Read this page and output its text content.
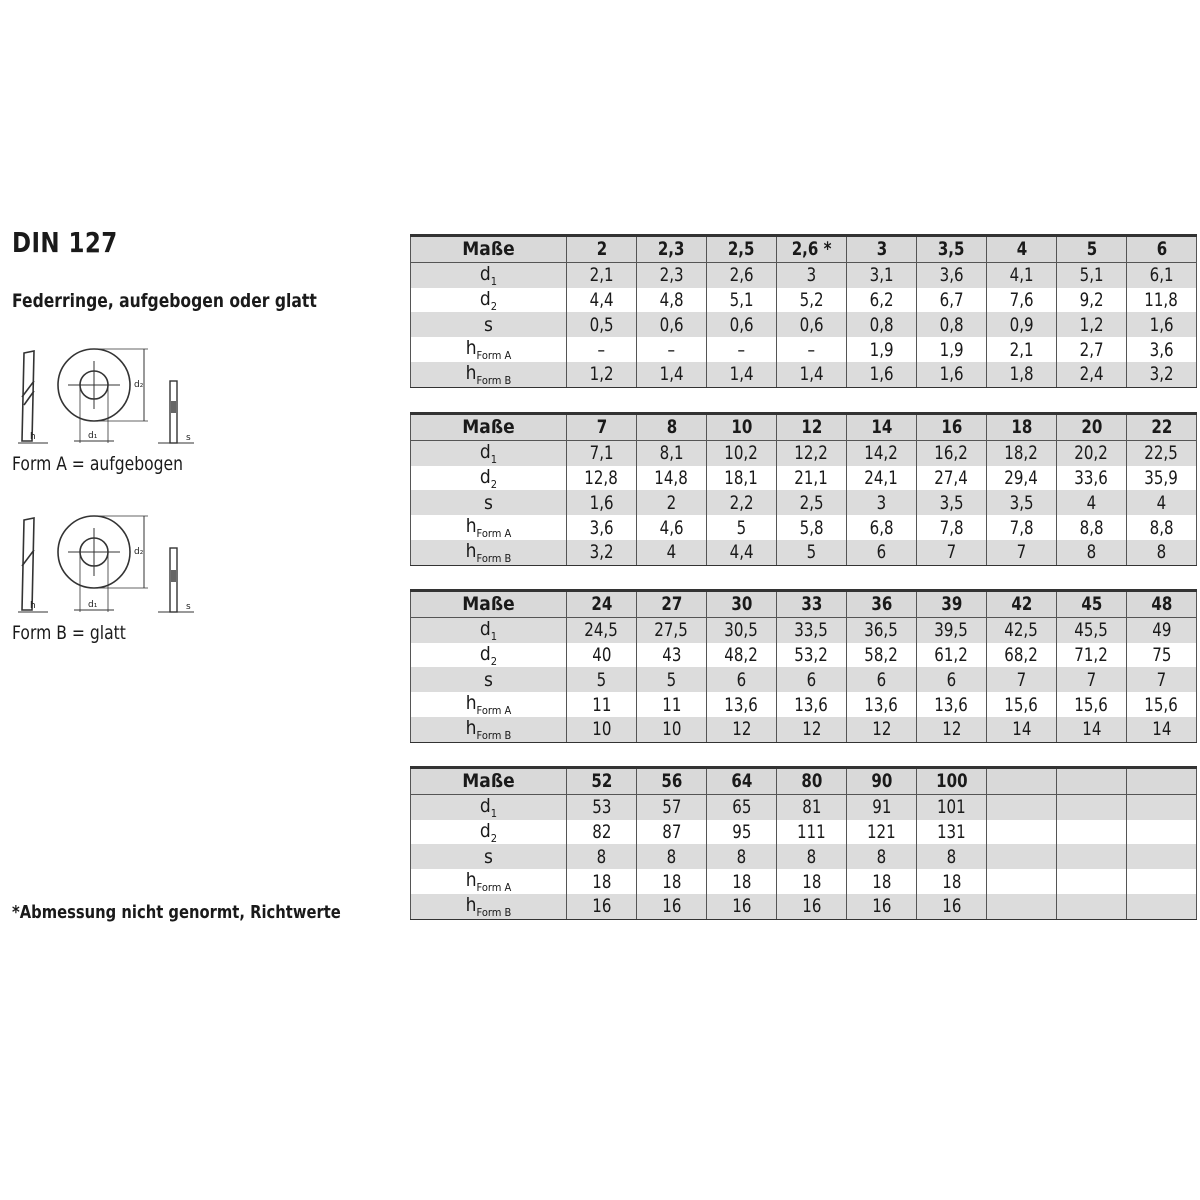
DIN 127
Federringe, aufgebogen oder glatt
h	d₁
d₂
s
Form A = aufgebogen
h	d₁
d₂
s
Form B = glatt
*Abmessung nicht genormt, Richtwerte
Maße	2	2,3	2,5	2,6 *	3	3,5	4	5	6
$d_1$	2,1	2,3	2,6	3	3,1	3,6	4,1	5,1	6,1
$d_2$	4,4	4,8	5,1	5,2	6,2	6,7	7,6	9,2	11,8
s	0,5	0,6	0,6	0,6	0,8	0,8	0,9	1,2	1,6
$h_{Form A}$	–	–	–	–	1,9	1,9	2,1	2,7	3,6
$h_{Form B}$	1,2	1,4	1,4	1,4	1,6	1,6	1,8	2,4	3,2
Maße	7	8	10	12	14	16	18	20	22
$d_1$	7,1	8,1	10,2	12,2	14,2	16,2	18,2	20,2	22,5
$d_2$	12,8	14,8	18,1	21,1	24,1	27,4	29,4	33,6	35,9
s	1,6	2	2,2	2,5	3	3,5	3,5	4	4
$h_{Form A}$	3,6	4,6	5	5,8	6,8	7,8	7,8	8,8	8,8
$h_{Form B}$	3,2	4	4,4	5	6	7	7	8	8
Maße	24	27	30	33	36	39	42	45	48
$d_1$	24,5	27,5	30,5	33,5	36,5	39,5	42,5	45,5	49
$d_2$	40	43	48,2	53,2	58,2	61,2	68,2	71,2	75
s	5	5	6	6	6	6	7	7	7
$h_{Form A}$	11	11	13,6	13,6	13,6	13,6	15,6	15,6	15,6
$h_{Form B}$	10	10	12	12	12	12	14	14	14
Maße	52	56	64	80	90	100			
$d_1$	53	57	65	81	91	101			
$d_2$	82	87	95	111	121	131			
s	8	8	8	8	8	8			
$h_{Form A}$	18	18	18	18	18	18			
$h_{Form B}$	16	16	16	16	16	16			
